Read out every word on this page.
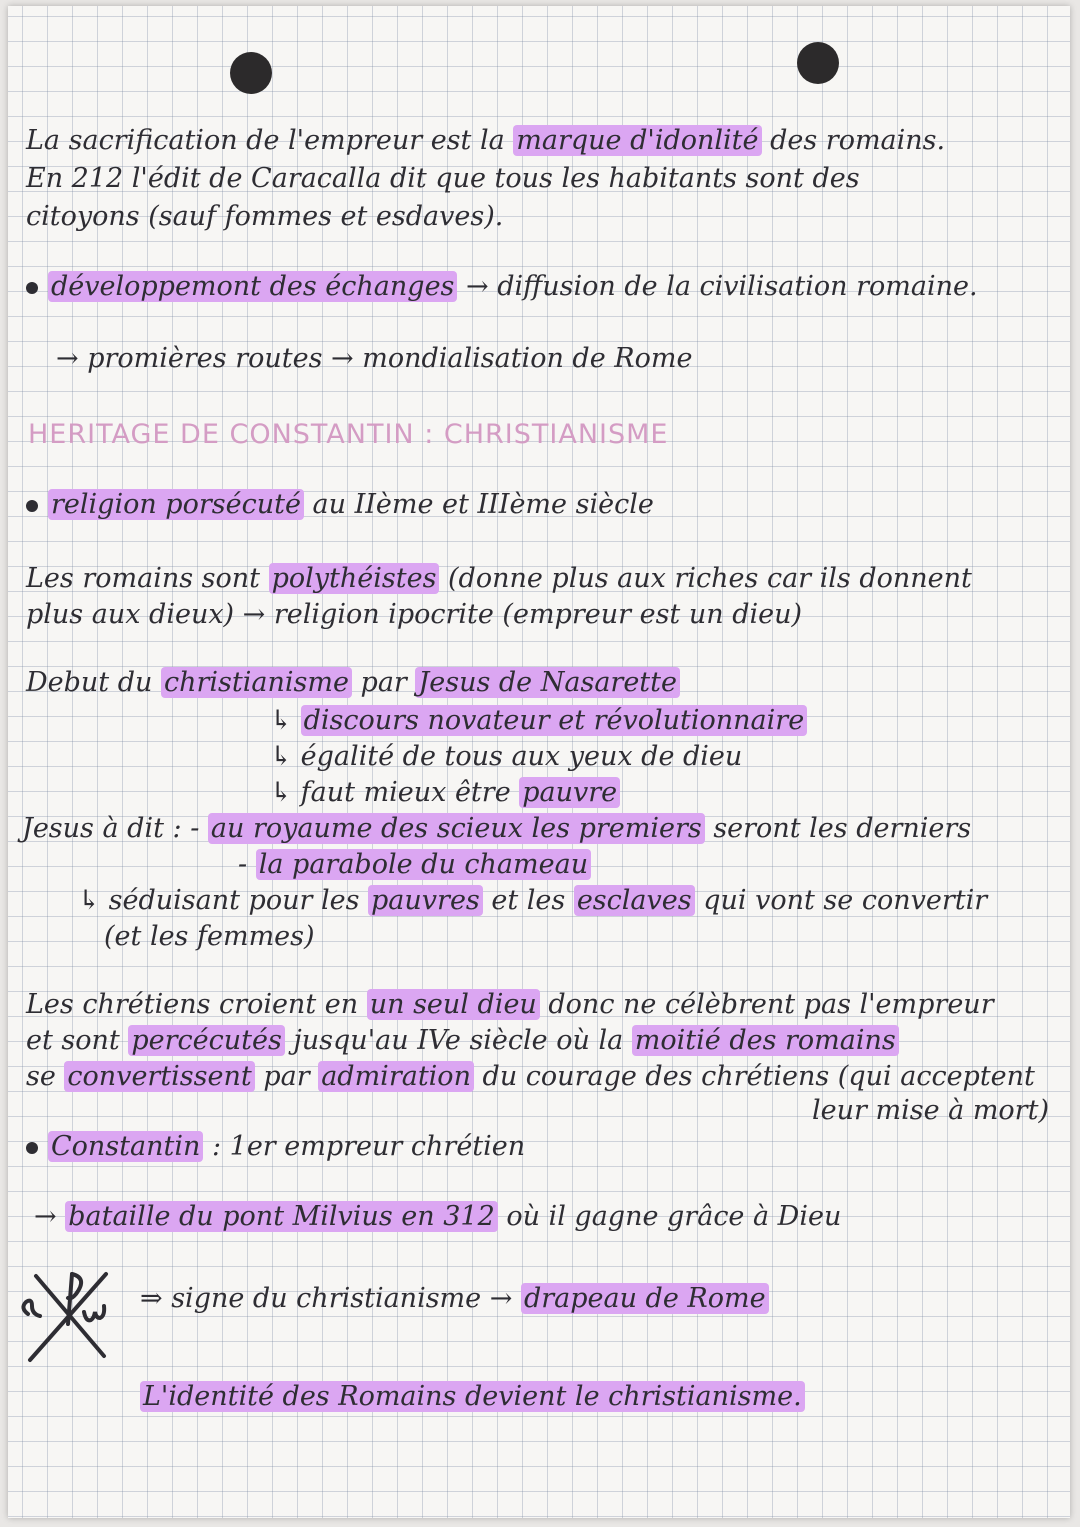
La sacrification de l'empreur est la marque d'idonlité des romains.
En 212 l'édit de Caracalla dit que tous les habitants sont des
citoyons (sauf fommes et esdaves).
développemont des échanges → diffusion de la civilisation romaine.
→ promières routes → mondialisation de Rome
HERITAGE DE CONSTANTIN : CHRISTIANISME
religion porsécuté au IIème et IIIème siècle
Les romains sont polythéistes (donne plus aux riches car ils donnent
plus aux dieux) → religion ipocrite (empreur est un dieu)
Debut du christianisme par Jesus de Nasarette
↳ discours novateur et révolutionnaire
↳ égalité de tous aux yeux de dieu
↳ faut mieux être pauvre
Jesus à dit : - au royaume des scieux les premiers seront les derniers
- la parabole du chameau
↳ séduisant pour les pauvres et les esclaves qui vont se convertir
(et les femmes)
Les chrétiens croient en un seul dieu donc ne célèbrent pas l'empreur
et sont percécutés jusqu'au IVe siècle où la moitié des romains
se convertissent par admiration du courage des chrétiens (qui acceptent
leur mise à mort)
Constantin : 1er empreur chrétien
→ bataille du pont Milvius en 312 où il gagne grâce à Dieu
⇒ signe du christianisme → drapeau de Rome
L'identité des Romains devient le christianisme.
